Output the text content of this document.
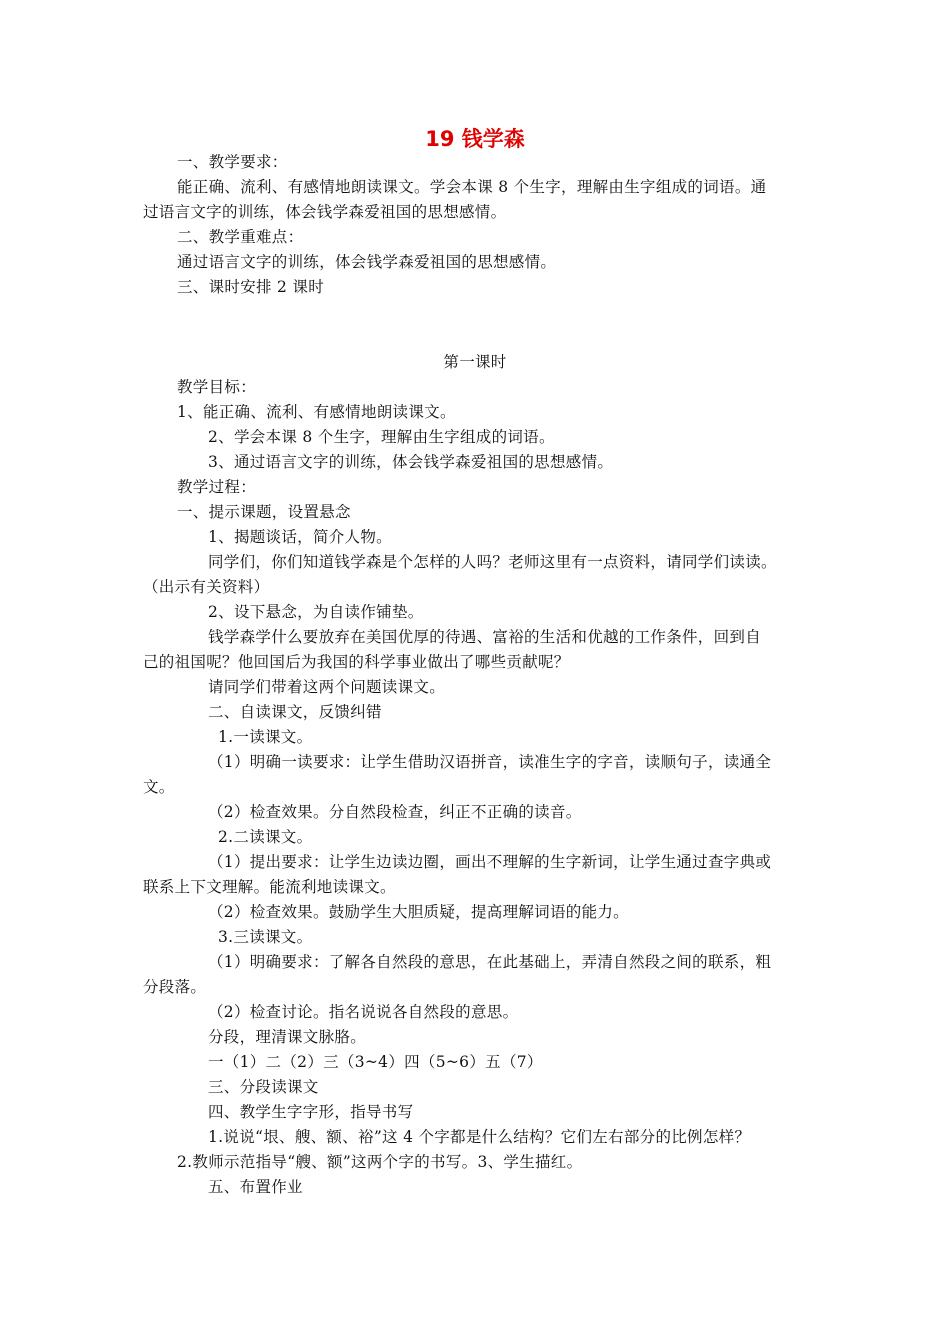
19 钱学森
一、教学要求：
能正确、流利、有感情地朗读课文。学会本课 8 个生字，理解由生字组成的词语。通
过语言文字的训练，体会钱学森爱祖国的思想感情。
二、教学重难点：
通过语言文字的训练，体会钱学森爱祖国的思想感情。
三、课时安排 2 课时
第一课时
教学目标：
1、能正确、流利、有感情地朗读课文。
2、学会本课 8 个生字，理解由生字组成的词语。
3、通过语言文字的训练，体会钱学森爱祖国的思想感情。
教学过程：
一、提示课题，设置悬念
1、揭题谈话，简介人物。
同学们，你们知道钱学森是个怎样的人吗？老师这里有一点资料，请同学们读读。
（出示有关资料）
2、设下悬念，为自读作铺垫。
钱学森学什么要放弃在美国优厚的待遇、富裕的生活和优越的工作条件，回到自
己的祖国呢？他回国后为我国的科学事业做出了哪些贡献呢？
请同学们带着这两个问题读课文。
二、自读课文，反馈纠错
1.一读课文。
（1）明确一读要求：让学生借助汉语拼音，读准生字的字音，读顺句子，读通全
文。
（2）检查效果。分自然段检查，纠正不正确的读音。
2.二读课文。
（1）提出要求：让学生边读边圈，画出不理解的生字新词，让学生通过查字典或
联系上下文理解。能流利地读课文。
（2）检查效果。鼓励学生大胆质疑，提高理解词语的能力。
3.三读课文。
（1）明确要求：了解各自然段的意思，在此基础上，弄清自然段之间的联系，粗
分段落。
（2）检查讨论。指名说说各自然段的意思。
分段，理清课文脉胳。
一（1）二（2）三（3~4）四（5~6）五（7）
三、分段读课文
四、教学生字字形，指导书写
1.说说“垠、艘、额、裕”这 4 个字都是什么结构？它们左右部分的比例怎样？
2.教师示范指导“艘、额”这两个字的书写。3、学生描红。
五、布置作业
